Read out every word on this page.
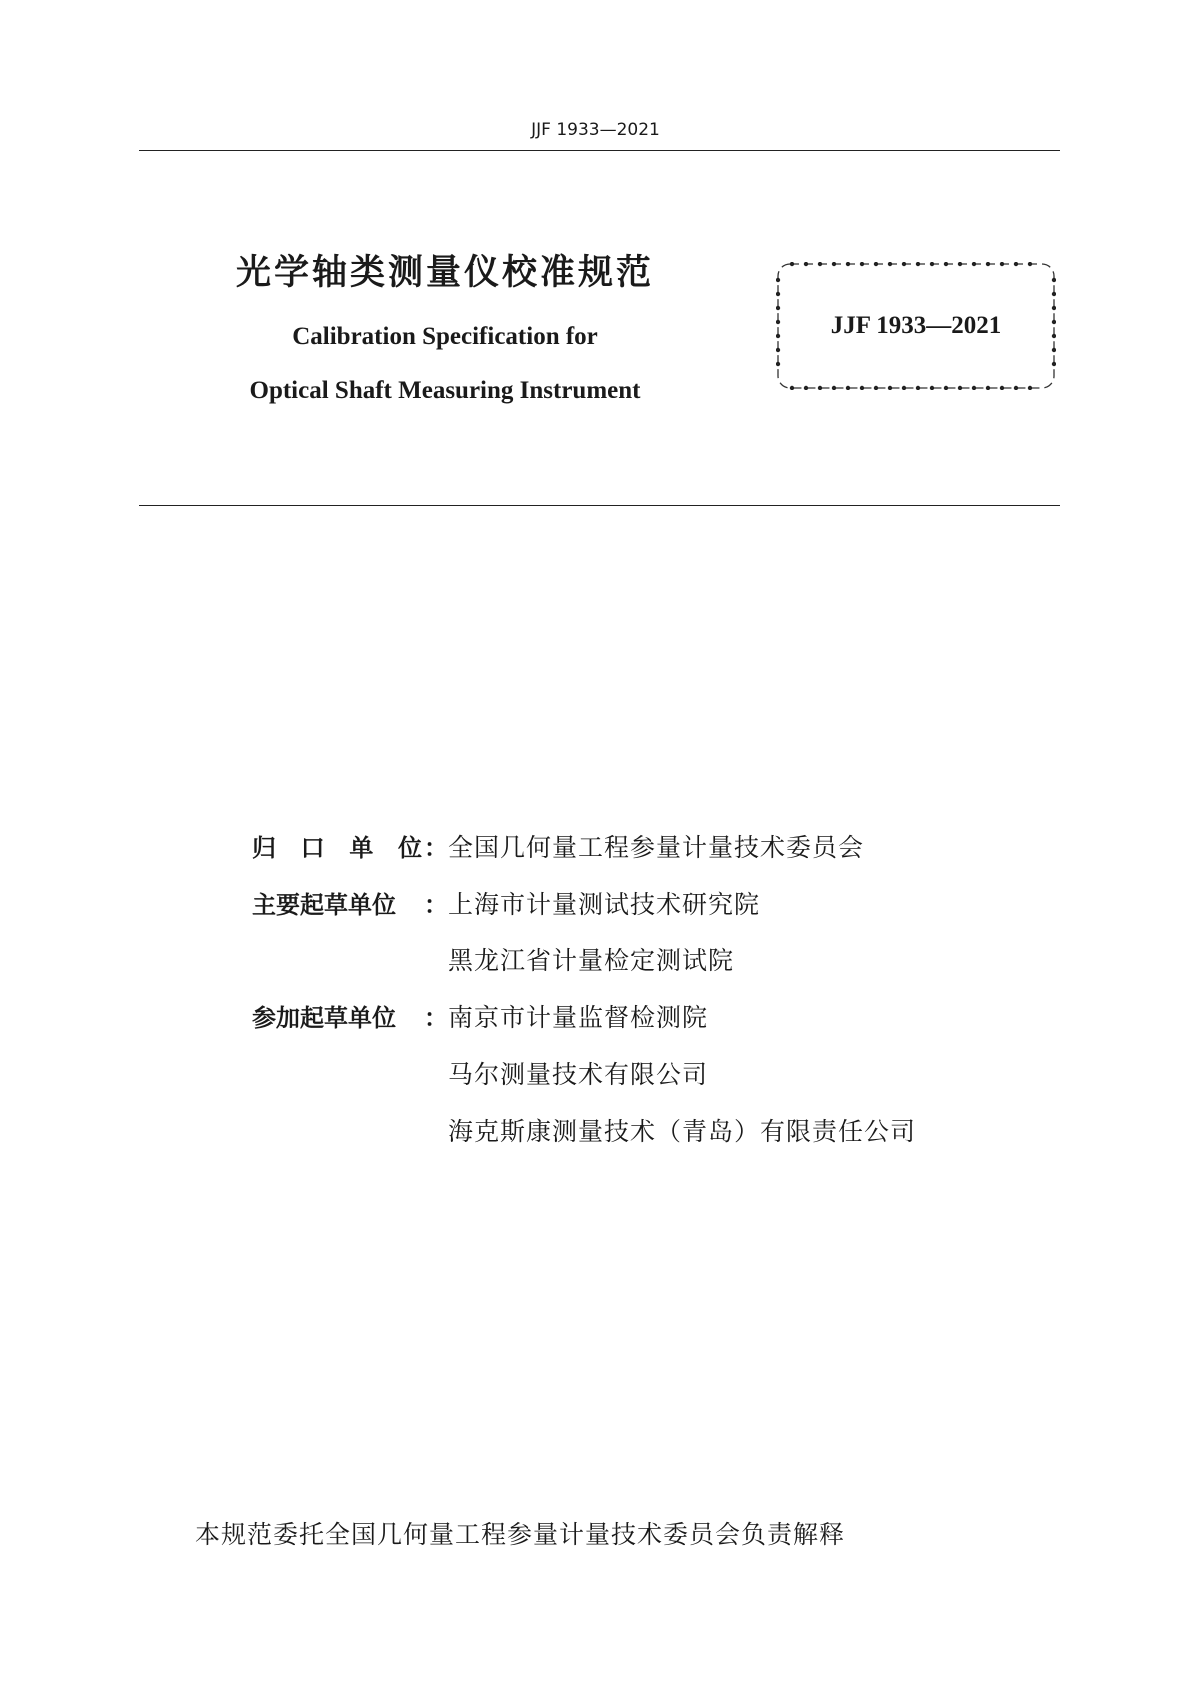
JJF 1933—2021
光学轴类测量仪校准规范
Calibration Specification for
Optical Shaft Measuring Instrument
JJF 1933—2021
归 口 单 位 ： 全国几何量工程参量计量技术委员会
主要起草单位	： 上海市计量测试技术研究院
黑龙江省计量检定测试院
参加起草单位	： 南京市计量监督检测院
马尔测量技术有限公司
海克斯康测量技术（青岛）有限责任公司
本规范委托全国几何量工程参量计量技术委员会负责解释
